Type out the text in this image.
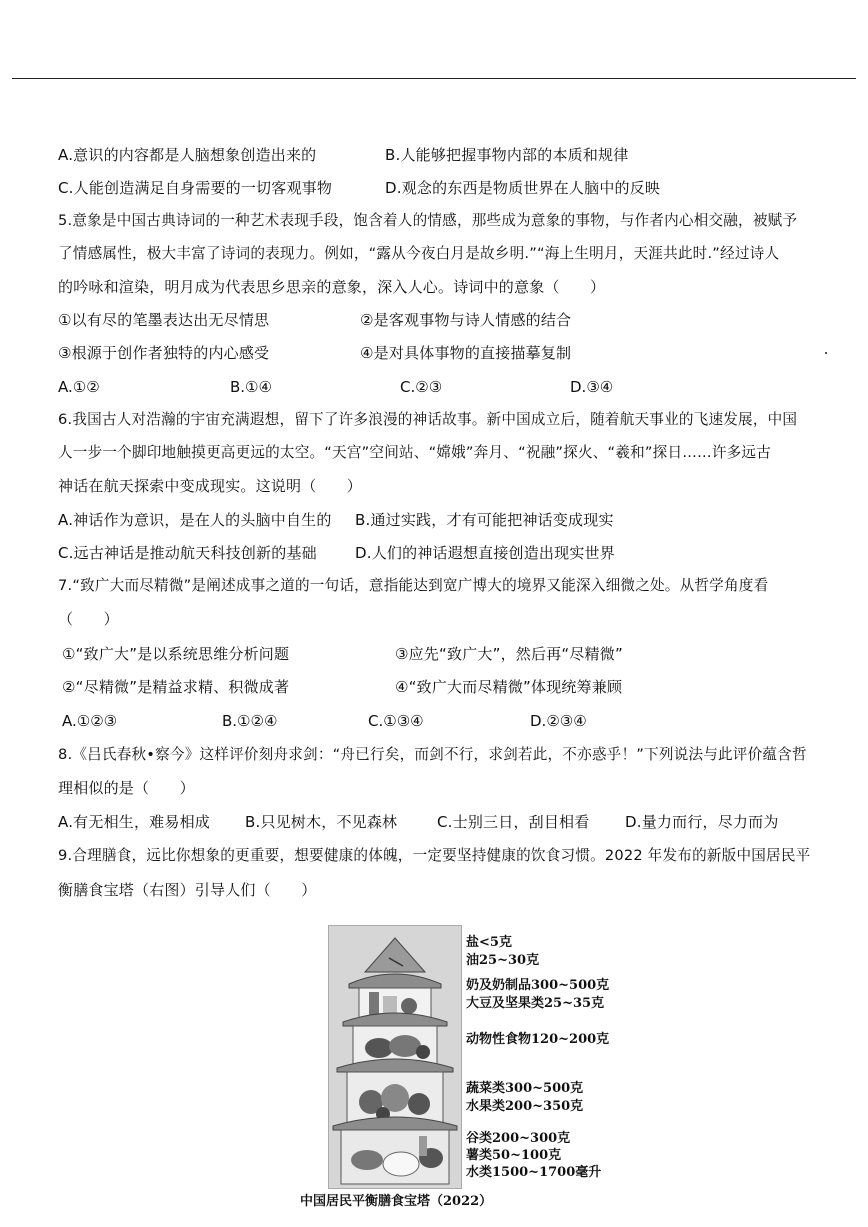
A.意识的内容都是人脑想象创造出来的	B.人能够把握事物内部的本质和规律
C.人能创造满足自身需要的一切客观事物	D.观念的东西是物质世界在人脑中的反映
5.意象是中国古典诗词的一种艺术表现手段，饱含着人的情感，那些成为意象的事物，与作者内心相交融，被赋予
了情感属性，极大丰富了诗词的表现力。例如，“露从今夜白月是故乡明.”“海上生明月，天涯共此时.”经过诗人
的吟咏和渲染，明月成为代表思乡思亲的意象，深入人心。诗词中的意象（　　）
①以有尽的笔墨表达出无尽情思	②是客观事物与诗人情感的结合
③根源于创作者独特的内心感受	④是对具体事物的直接描摹复制
A.①②	B.①④	C.②③	D.③④
6.我国古人对浩瀚的宇宙充满遐想，留下了许多浪漫的神话故事。新中国成立后，随着航天事业的飞速发展，中国
人一步一个脚印地触摸更高更远的太空。“天宫”空间站、“嫦娥”奔月、“祝融”探火、“羲和”探日……许多远古
神话在航天探索中变成现实。这说明（　　）
A.神话作为意识，是在人的头脑中自生的 B.通过实践，才有可能把神话变成现实
C.远古神话是推动航天科技创新的基础	D.人们的神话遐想直接创造出现实世界
7.“致广大而尽精微”是阐述成事之道的一句话，意指能达到宽广博大的境界又能深入细微之处。从哲学角度看
（　　）
①“致广大”是以系统思维分析问题	③应先“致广大”，然后再“尽精微”
②“尽精微”是精益求精、积微成著	④“致广大而尽精微”体现统筹兼顾
A.①②③	B.①②④	C.①③④	D.②③④
8.《吕氏春秋•察今》这样评价刻舟求剑：“舟已行矣，而剑不行，求剑若此，不亦惑乎！”下列说法与此评价蕴含哲
理相似的是（　　）
A.有无相生，难易相成 B.只见树木，不见森林	C.士别三日，刮目相看 D.量力而行，尽力而为
9.合理膳食，远比你想象的更重要，想要健康的体魄，一定要坚持健康的饮食习惯。2022 年发布的新版中国居民平
衡膳食宝塔（右图）引导人们（　　）
盐<5克
油25~30克
奶及奶制品300~500克
大豆及坚果类25~35克
动物性食物120~200克
蔬菜类300~500克
水果类200~350克
谷类200~300克
薯类50~100克
水类1500~1700毫升
中国居民平衡膳食宝塔（2022）
